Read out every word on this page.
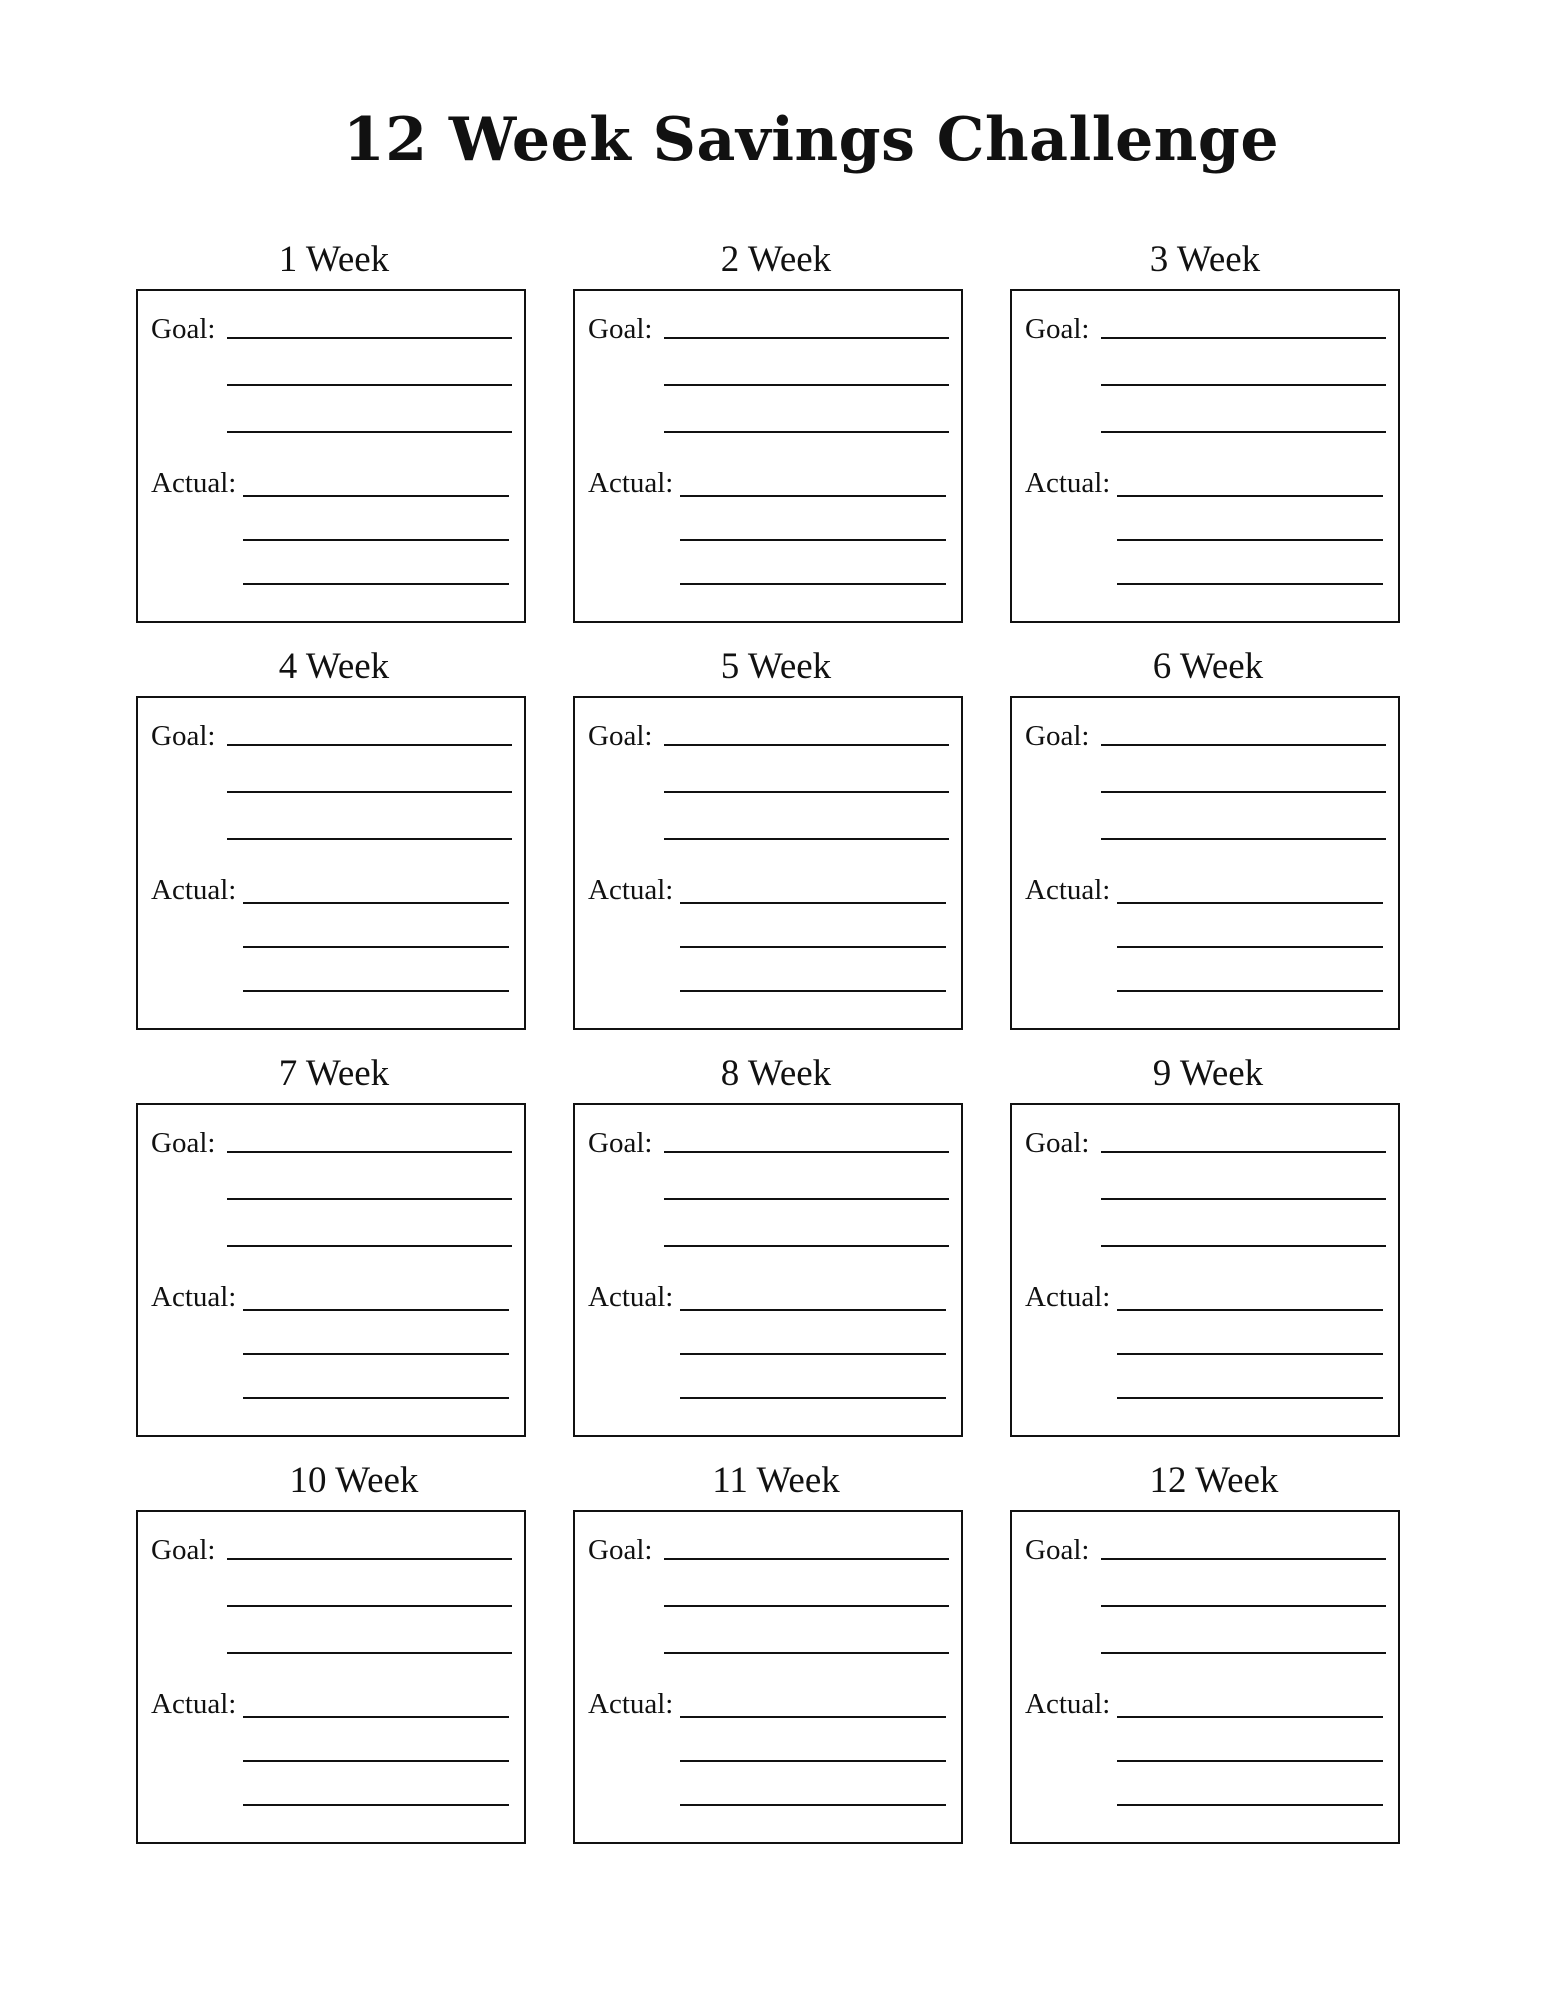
12 Week Savings Challenge
1 Week
Goal:
Actual:
2 Week
Goal:
Actual:
3 Week
Goal:
Actual:
4 Week
Goal:
Actual:
5 Week
Goal:
Actual:
6 Week
Goal:
Actual:
7 Week
Goal:
Actual:
8 Week
Goal:
Actual:
9 Week
Goal:
Actual:
10 Week
Goal:
Actual:
11 Week
Goal:
Actual:
12 Week
Goal:
Actual:
